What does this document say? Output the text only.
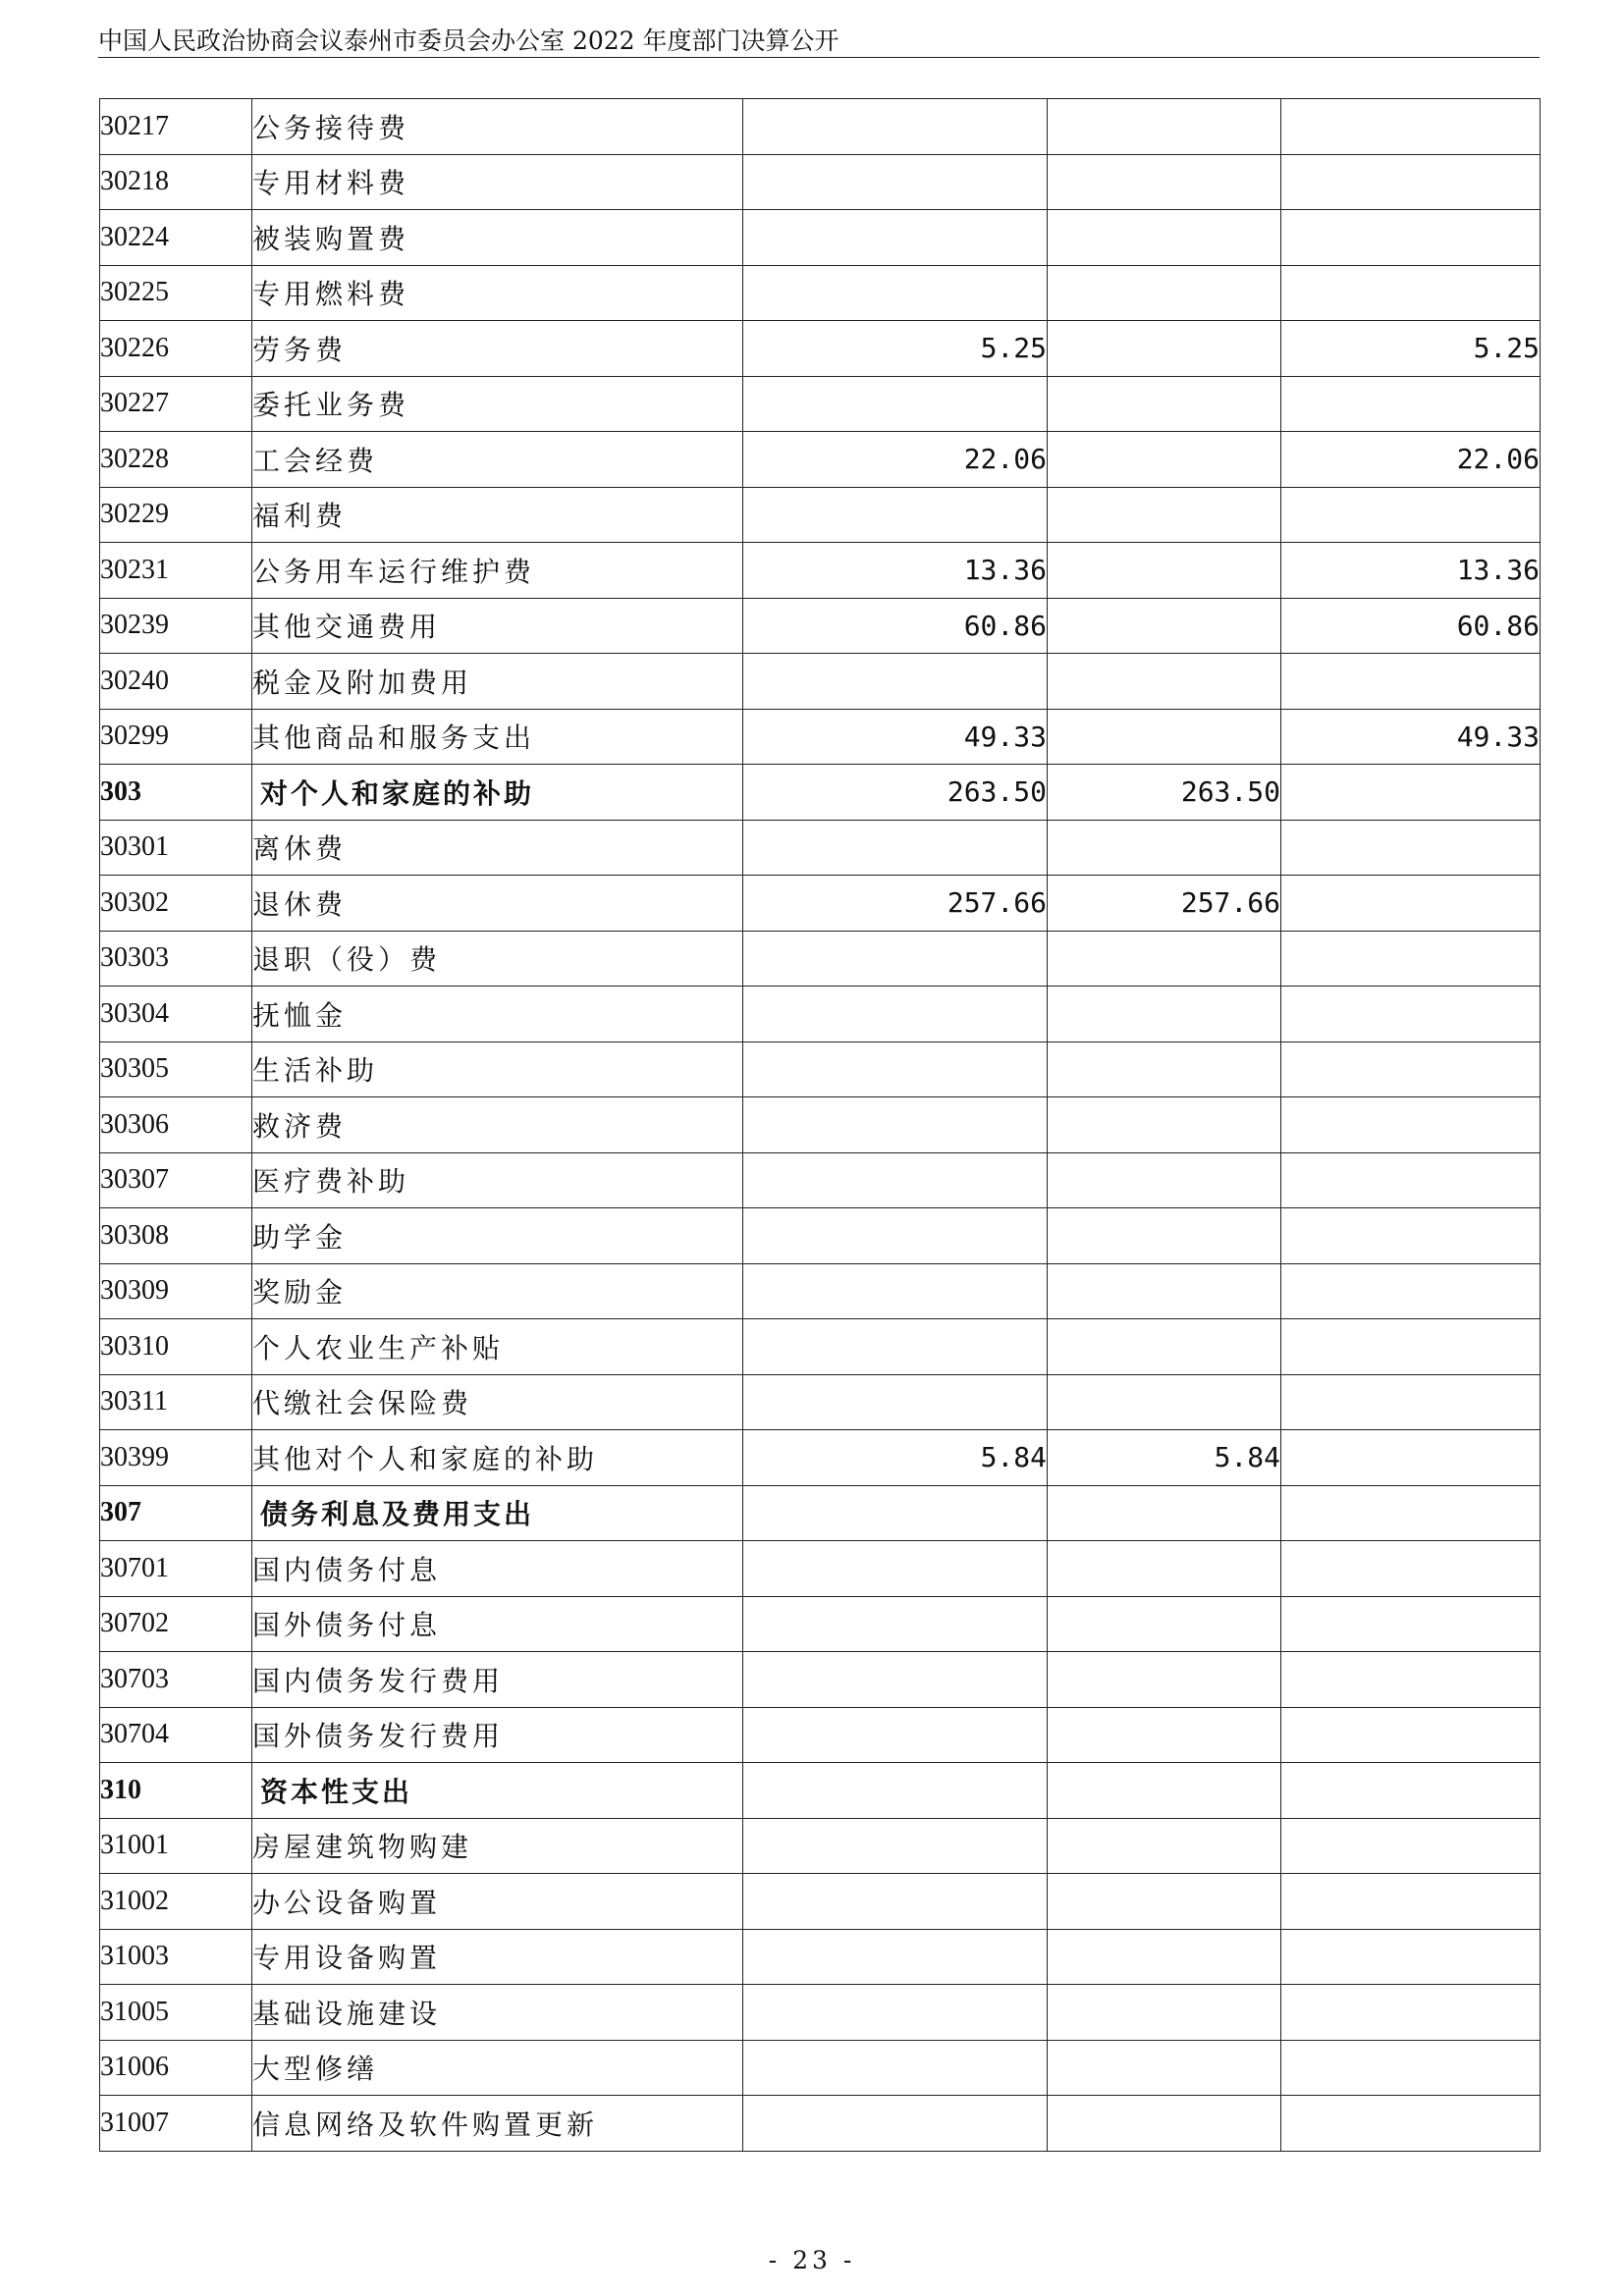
中国人民政治协商会议泰州市委员会办公室 2022 年度部门决算公开
30217	公务接待费			
30218	专用材料费			
30224	被装购置费			
30225	专用燃料费			
30226	劳务费	5.25		5.25
30227	委托业务费			
30228	工会经费	22.06		22.06
30229	福利费			
30231	公务用车运行维护费	13.36		13.36
30239	其他交通费用	60.86		60.86
30240	税金及附加费用			
30299	其他商品和服务支出	49.33		49.33
303	对个人和家庭的补助	263.50	263.50	
30301	离休费			
30302	退休费	257.66	257.66	
30303	退职（役）费			
30304	抚恤金			
30305	生活补助			
30306	救济费			
30307	医疗费补助			
30308	助学金			
30309	奖励金			
30310	个人农业生产补贴			
30311	代缴社会保险费			
30399	其他对个人和家庭的补助	5.84	5.84	
307	债务利息及费用支出			
30701	国内债务付息			
30702	国外债务付息			
30703	国内债务发行费用			
30704	国外债务发行费用			
310	资本性支出			
31001	房屋建筑物购建			
31002	办公设备购置			
31003	专用设备购置			
31005	基础设施建设			
31006	大型修缮			
31007	信息网络及软件购置更新			
- 23 -
